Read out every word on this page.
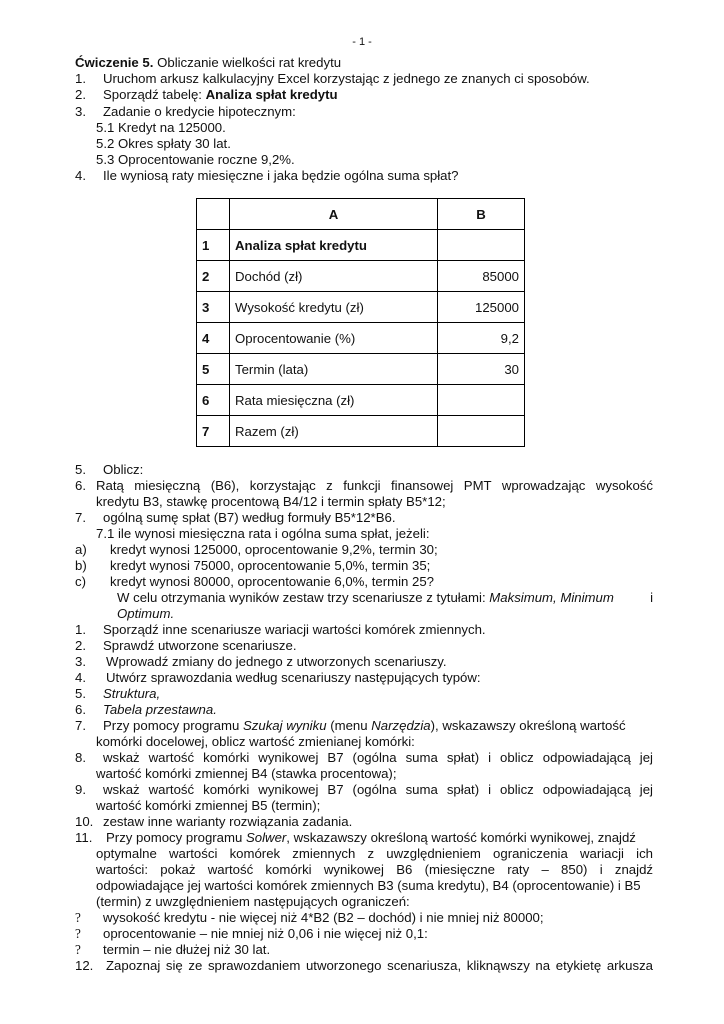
- 1 -
Ćwiczenie 5. Obliczanie wielkości rat kredytu
1. Uruchom arkusz kalkulacyjny Excel korzystając z jednego ze znanych ci sposobów.
2. Sporządź tabelę: Analiza spłat kredytu
3. Zadanie o kredycie hipotecznym:
5.1 Kredyt na 125000.
5.2 Okres spłaty 30 lat.
5.3 Oprocentowanie roczne 9,2%.
4. Ile wyniosą raty miesięczne i jaka będzie ogólna suma spłat?
	A	B
1	Analiza spłat kredytu	
2	Dochód (zł)	85000
3	Wysokość kredytu (zł)	125000
4	Oprocentowanie (%)	9,2
5	Termin (lata)	30
6	Rata miesięczna (zł)	
7	Razem (zł)	
5. Oblicz:
6. Ratą miesięczną (B6), korzystając z funkcji finansowej PMT wprowadzając wysokość
kredytu B3, stawkę procentową B4/12 i termin spłaty B5*12;
7. ogólną sumę spłat (B7) według formuły B5*12*B6.
7.1 ile wynosi miesięczna rata i ogólna suma spłat, jeżeli:
a) kredyt wynosi 125000, oprocentowanie 9,2%, termin 30;
b) kredyt wynosi 75000, oprocentowanie 5,0%, termin 35;
c) kredyt wynosi 80000, oprocentowanie 6,0%, termin 25?
W celu otrzymania wyników zestaw trzy scenariusze z tytułami: Maksimum, Minimum	i
Optimum.
1. Sporządź inne scenariusze wariacji wartości komórek zmiennych.
2. Sprawdź utworzone scenariusze.
3. Wprowadź zmiany do jednego z utworzonych scenariuszy.
4. Utwórz sprawozdania według scenariuszy następujących typów:
5. Struktura,
6. Tabela przestawna.
7. Przy pomocy programu Szukaj wyniku (menu Narzędzia), wskazawszy określoną wartość
komórki docelowej, oblicz wartość zmienianej komórki:
8. wskaż wartość komórki wynikowej B7 (ogólna suma spłat) i oblicz odpowiadającą jej
wartość komórki zmiennej B4 (stawka procentowa);
9. wskaż wartość komórki wynikowej B7 (ogólna suma spłat) i oblicz odpowiadającą jej
wartość komórki zmiennej B5 (termin);
10. zestaw inne warianty rozwiązania zadania.
11. Przy pomocy programu Solwer, wskazawszy określoną wartość komórki wynikowej, znajdź
optymalne wartości komórek zmiennych z uwzględnieniem ograniczenia wariacji ich
wartości: pokaż wartość komórki wynikowej B6 (miesięczne raty – 850) i znajdź
odpowiadające jej wartości komórek zmiennych B3 (suma kredytu), B4 (oprocentowanie) i B5
(termin) z uwzględnieniem następujących ograniczeń:
? wysokość kredytu - nie więcej niż 4*B2 (B2 – dochód) i nie mniej niż 80000;
? oprocentowanie – nie mniej niż 0,06 i nie więcej niż 0,1:
? termin – nie dłużej niż 30 lat.
12. Zapoznaj się ze sprawozdaniem utworzonego scenariusza, kliknąwszy na etykietę arkusza
